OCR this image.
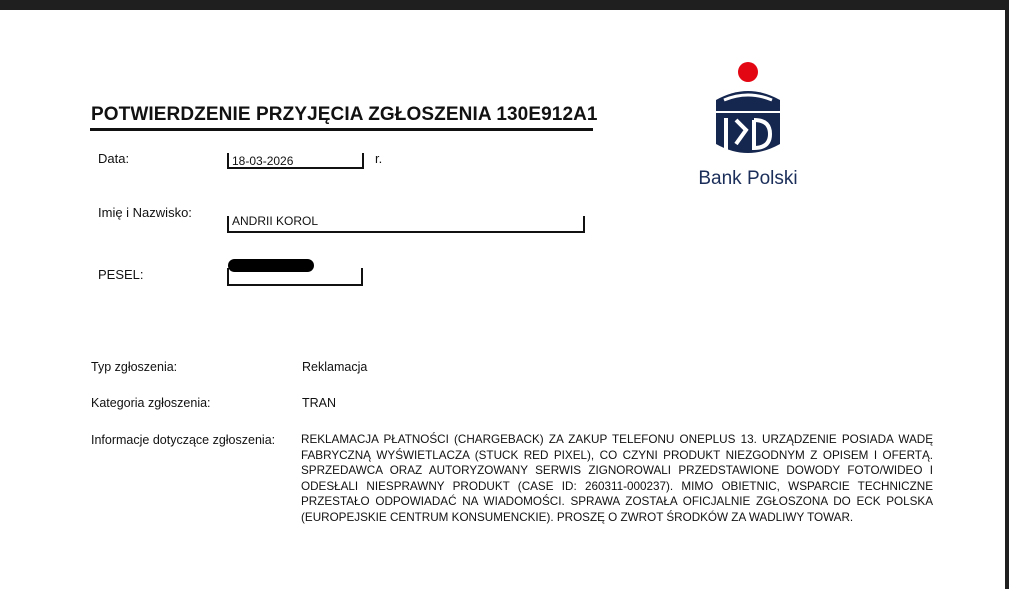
POTWIERDZENIE PRZYJĘCIA ZGŁOSZENIA 130E912A1
Data:	18-03-2026	r.
Imię i Nazwisko:
ANDRII KOROL
PESEL:
Bank Polski
Typ zgłoszenia:	Reklamacja
Kategoria zgłoszenia:	TRAN
Informacje dotyczące zgłoszenia: REKLAMACJA PŁATNOŚCI (CHARGEBACK) ZA ZAKUP TELEFONU ONEPLUS 13. URZĄDZENIE POSIADA WADĘ FABRYCZNĄ WYŚWIETLACZA (STUCK RED PIXEL), CO CZYNI PRODUKT NIEZGODNYM Z OPISEM I OFERTĄ. SPRZEDAWCA ORAZ AUTORYZOWANY SERWIS ZIGNOROWALI PRZEDSTAWIONE DOWODY FOTO/WIDEO I ODESŁALI NIESPRAWNY PRODUKT (CASE ID: 260311-000237). MIMO OBIETNIC, WSPARCIE TECHNICZNE PRZESTAŁO ODPOWIADAĆ NA WIADOMOŚCI. SPRAWA ZOSTAŁA OFICJALNIE ZGŁOSZONA DO ECK POLSKA (EUROPEJSKIE CENTRUM KONSUMENCKIE). PROSZĘ O ZWROT ŚRODKÓW ZA WADLIWY TOWAR.
